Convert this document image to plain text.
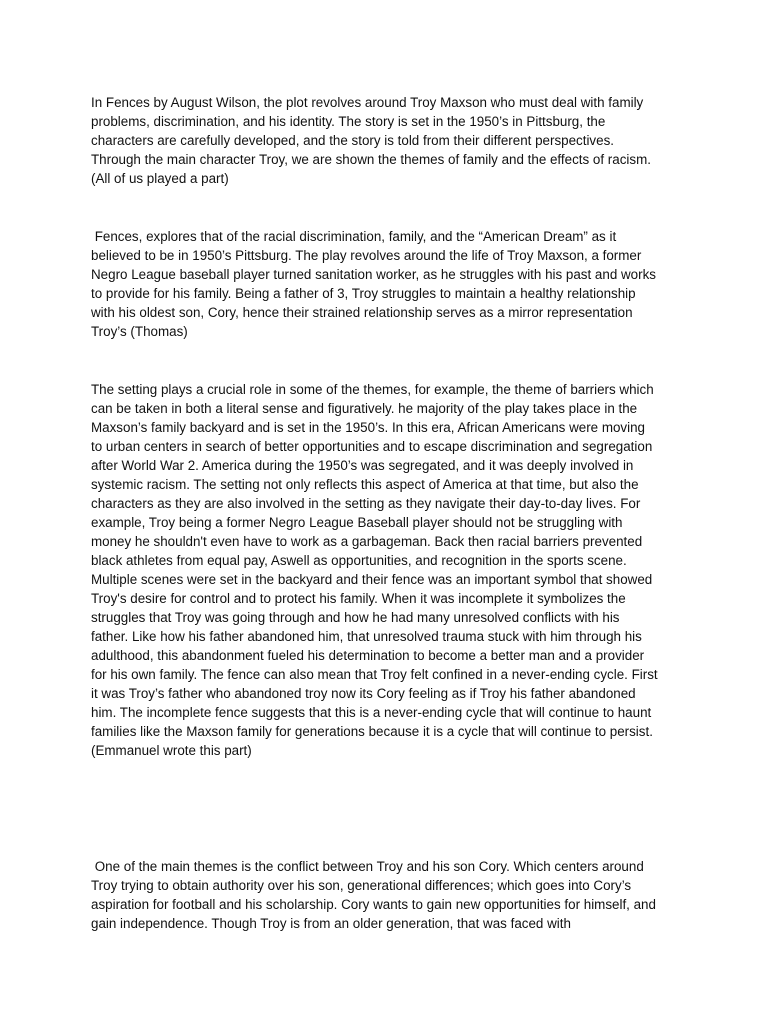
In Fences by August Wilson, the plot revolves around Troy Maxson who must deal with family
problems, discrimination, and his identity. The story is set in the 1950’s in Pittsburg, the
characters are carefully developed, and the story is told from their different perspectives.
Through the main character Troy, we are shown the themes of family and the effects of racism.
(All of us played a part)

Fences, explores that of the racial discrimination, family, and the “American Dream” as it
believed to be in 1950’s Pittsburg. The play revolves around the life of Troy Maxson, a former
Negro League baseball player turned sanitation worker, as he struggles with his past and works
to provide for his family. Being a father of 3, Troy struggles to maintain a healthy relationship
with his oldest son, Cory, hence their strained relationship serves as a mirror representation
Troy’s (Thomas)

The setting plays a crucial role in some of the themes, for example, the theme of barriers which
can be taken in both a literal sense and figuratively. he majority of the play takes place in the
Maxson’s family backyard and is set in the 1950’s. In this era, African Americans were moving
to urban centers in search of better opportunities and to escape discrimination and segregation
after World War 2. America during the 1950’s was segregated, and it was deeply involved in
systemic racism. The setting not only reflects this aspect of America at that time, but also the
characters as they are also involved in the setting as they navigate their day-to-day lives. For
example, Troy being a former Negro League Baseball player should not be struggling with
money he shouldn't even have to work as a garbageman. Back then racial barriers prevented
black athletes from equal pay, Aswell as opportunities, and recognition in the sports scene.
Multiple scenes were set in the backyard and their fence was an important symbol that showed
Troy's desire for control and to protect his family. When it was incomplete it symbolizes the
struggles that Troy was going through and how he had many unresolved conflicts with his
father. Like how his father abandoned him, that unresolved trauma stuck with him through his
adulthood, this abandonment fueled his determination to become a better man and a provider
for his own family. The fence can also mean that Troy felt confined in a never-ending cycle. First
it was Troy’s father who abandoned troy now its Cory feeling as if Troy his father abandoned
him. The incomplete fence suggests that this is a never-ending cycle that will continue to haunt
families like the Maxson family for generations because it is a cycle that will continue to persist.
(Emmanuel wrote this part)

One of the main themes is the conflict between Troy and his son Cory. Which centers around
Troy trying to obtain authority over his son, generational differences; which goes into Cory’s
aspiration for football and his scholarship. Cory wants to gain new opportunities for himself, and
gain independence. Though Troy is from an older generation, that was faced with
